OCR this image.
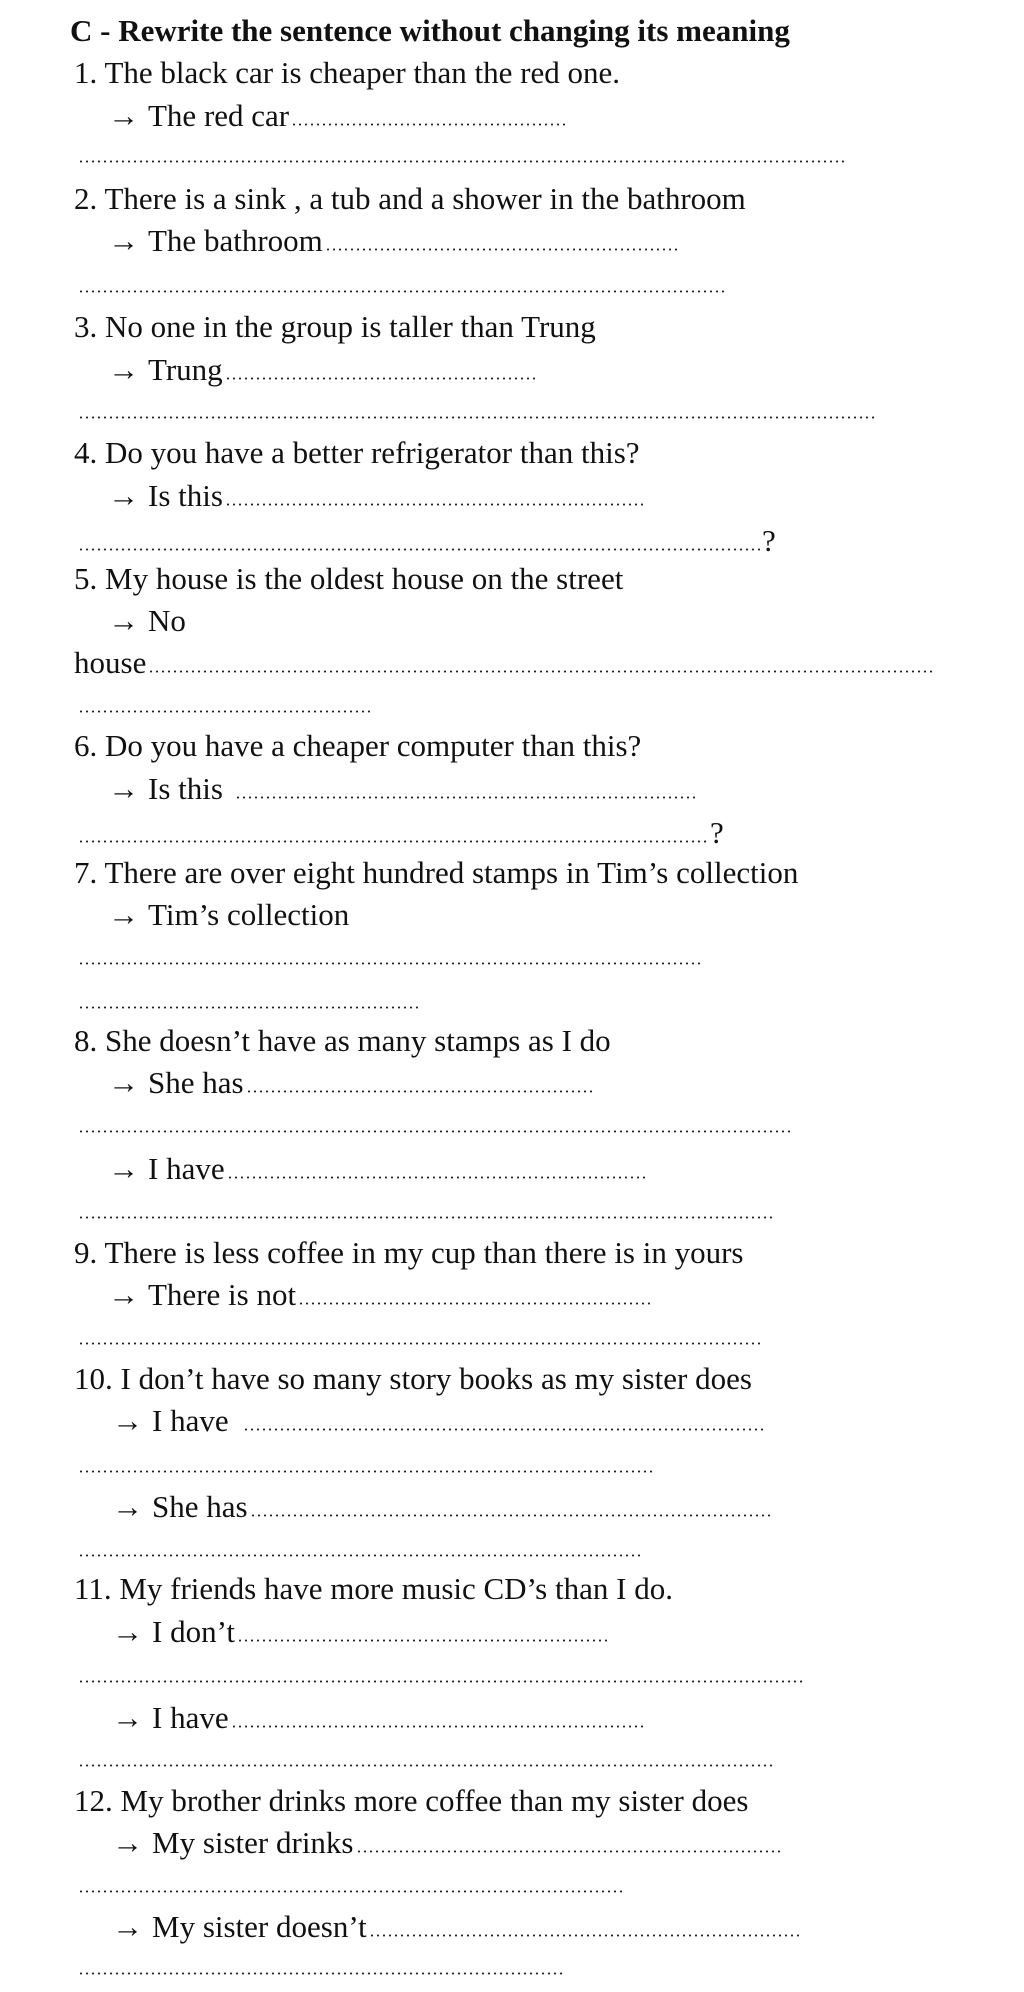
C - Rewrite the sentence without changing its meaning
1. The black car is cheaper than the red one.
→ The red car
2. There is a sink , a tub and a shower in the bathroom
→ The bathroom
3. No one in the group is taller than Trung
→ Trung
4. Do you have a better refrigerator than this?
→ Is this
?
5. My house is the oldest house on the street
→ No
house
6. Do you have a cheaper computer than this?
→ Is this
?
7. There are over eight hundred stamps in Tim’s collection
→ Tim’s collection
8. She doesn’t have as many stamps as I do
→ She has
→ I have
9. There is less coffee in my cup than there is in yours
→ There is not
10. I don’t have so many story books as my sister does
→ I have
→ She has
11. My friends have more music CD’s than I do.
→ I don’t
→ I have
12. My brother drinks more coffee than my sister does
→ My sister drinks
→ My sister doesn’t
